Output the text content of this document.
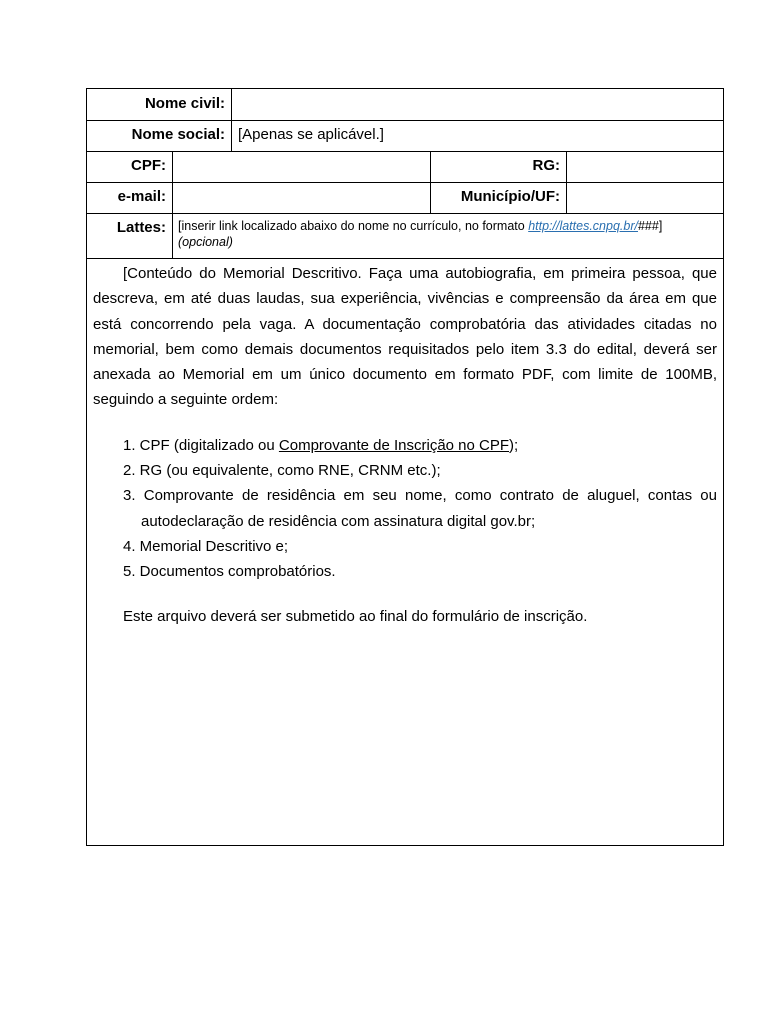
Nome civil:
Nome social: [Apenas se aplicável.]
CPF:	RG:
e-mail:	Município/UF:
Lattes: [inserir link localizado abaixo do nome no currículo, no formato http://lattes.cnpq.br/###]
(opcional)

[Conteúdo do Memorial Descritivo. Faça uma autobiografia, em primeira pessoa, que descreva, em até duas laudas, sua experiência, vivências e compreensão da área em que está concorrendo pela vaga. A documentação comprobatória das atividades citadas no memorial, bem como demais documentos requisitados pelo item 3.3 do edital, deverá ser anexada ao Memorial em um único documento em formato PDF, com limite de 100MB, seguindo a seguinte ordem:

1. CPF (digitalizado ou Comprovante de Inscrição no CPF);
2. RG (ou equivalente, como RNE, CRNM etc.);
3. Comprovante de residência em seu nome, como contrato de aluguel, contas ou autodeclaração de residência com assinatura digital gov.br;
4. Memorial Descritivo e;
5. Documentos comprobatórios.

Este arquivo deverá ser submetido ao final do formulário de inscrição.
